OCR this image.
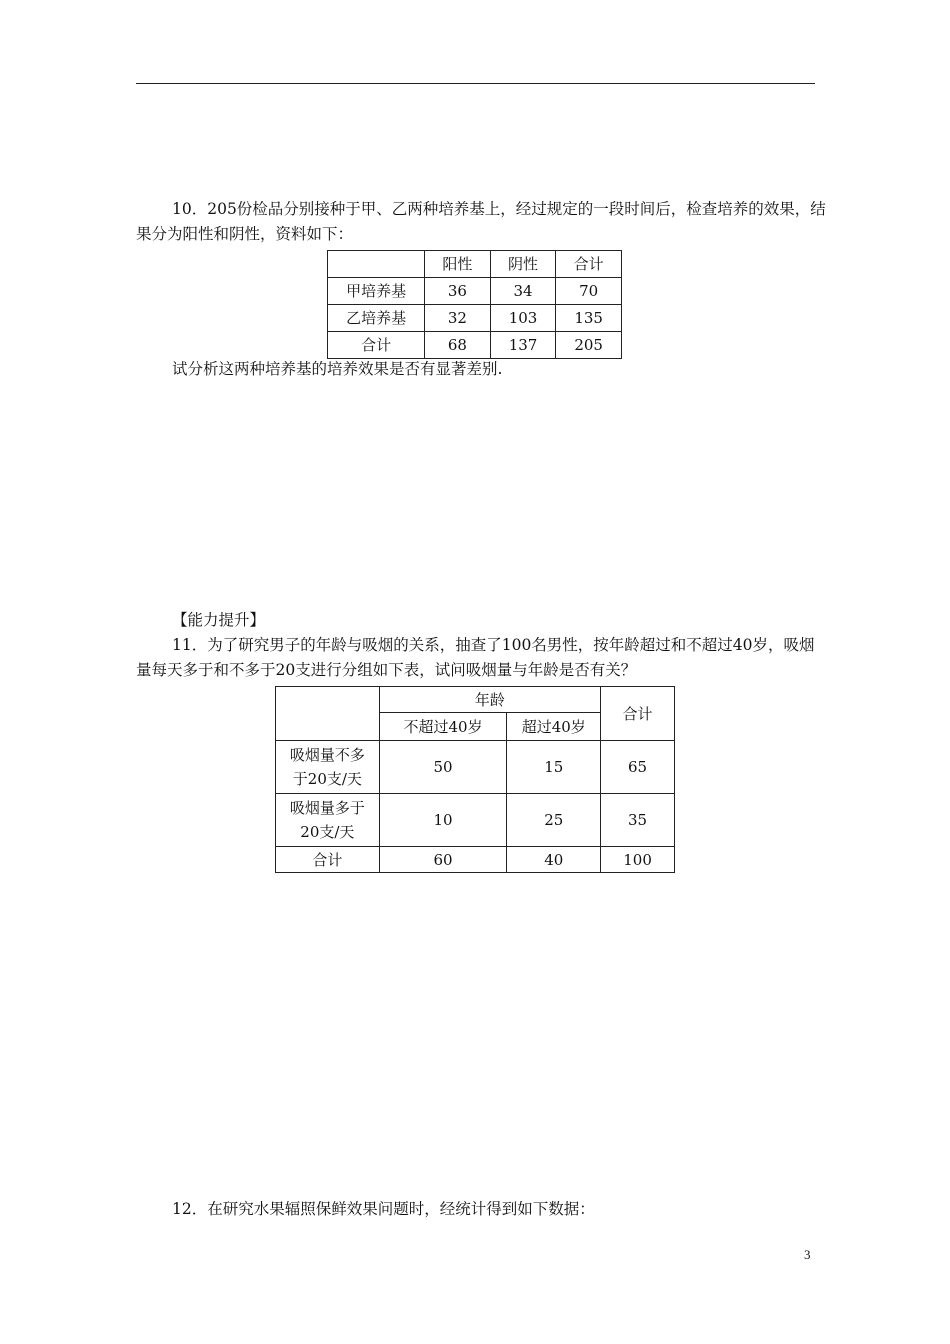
10．205份检品分别接种于甲、乙两种培养基上，经过规定的一段时间后，检查培养的效果，结果分为阳性和阴性，资料如下：

	阳性	阴性	合计
甲培养基	36	34	70
乙培养基	32	103	135
合计	68	137	205

试分析这两种培养基的培养效果是否有显著差别.

【能力提升】

11．为了研究男子的年龄与吸烟的关系，抽查了100名男性，按年龄超过和不超过40岁，吸烟量每天多于和不多于20支进行分组如下表，试问吸烟量与年龄是否有关？

	年龄		合计
	不超过40岁	超过40岁	
吸烟量不多
于20支/天	50	15	65
吸烟量多于
20支/天	10	25	35
合计	60	40	100

12．在研究水果辐照保鲜效果问题时，经统计得到如下数据：

3
